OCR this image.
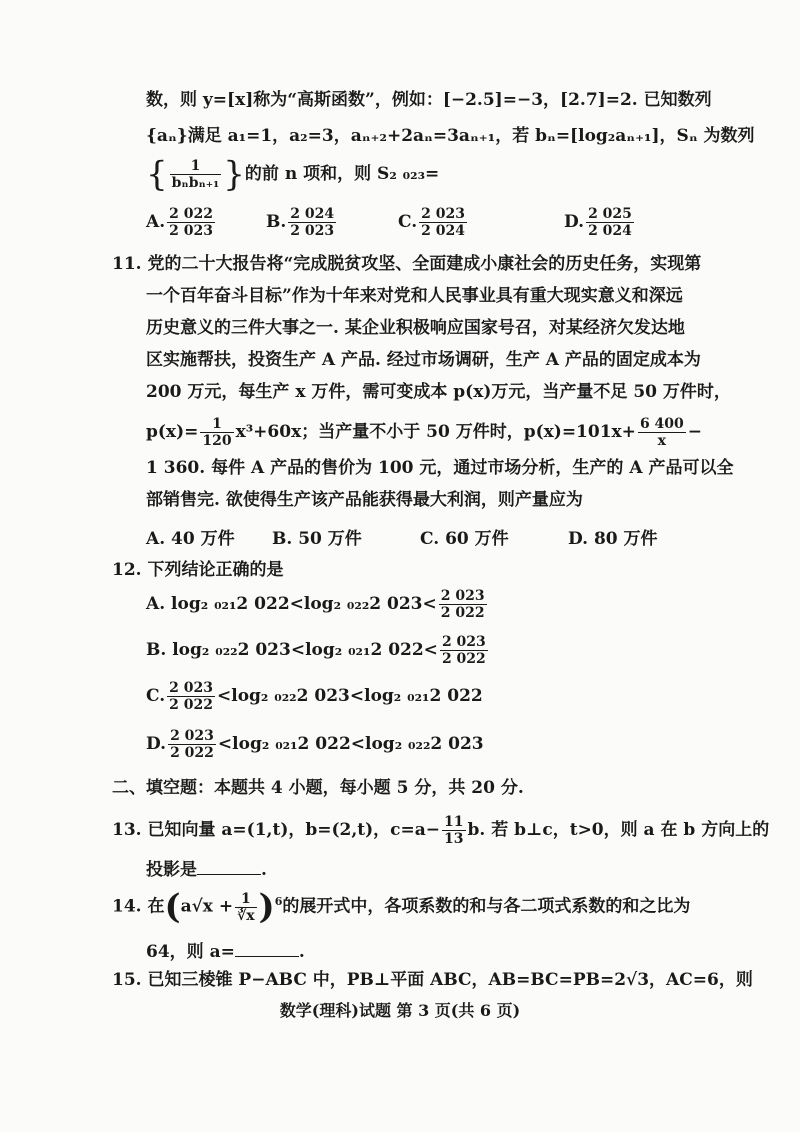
数，则 y=[x]称为“高斯函数”，例如：[−2.5]=−3，[2.7]=2. 已知数列
{aₙ}满足 a₁=1，a₂=3，aₙ₊₂+2aₙ=3aₙ₊₁，若 bₙ=[log₂aₙ₊₁]，Sₙ 为数列
{ $\frac{1}{\text{bₙbₙ₊₁}}$ }的前 n 项和，则 S₂ ₀₂₃=
A. $\frac{2 022}{2 023}$	B. $\frac{2 024}{2 023}$	C. $\frac{2 023}{2 024}$	D. $\frac{2 025}{2 024}$
11. 党的二十大报告将“完成脱贫攻坚、全面建成小康社会的历史任务，实现第
一个百年奋斗目标”作为十年来对党和人民事业具有重大现实意义和深远
历史意义的三件大事之一. 某企业积极响应国家号召，对某经济欠发达地
区实施帮扶，投资生产 A 产品. 经过市场调研，生产 A 产品的固定成本为
200 万元，每生产 x 万件，需可变成本 p(x)万元，当产量不足 50 万件时，
$p(x)= \frac{1}{120} x^3+60x$；当产量不小于 50 万件时，$p(x)=101x+ \frac{6 400}{x}$ −
1 360. 每件 A 产品的售价为 100 元，通过市场分析，生产的 A 产品可以全
部销售完. 欲使得生产该产品能获得最大利润，则产量应为
A. 40 万件 B. 50 万件	C. 60 万件	D. 80 万件
12. 下列结论正确的是
A. log₂ ₀₂₁2 022<log₂ ₀₂₂2 $023< \frac{2 023}{2 022}$
B. log₂ ₀₂₂2 023<log₂ ₀₂₁2 $022< \frac{2 023}{2 022}$
C. $\frac{2 023}{2 022} <\log_2$ ₀₂₂2 023<log₂ ₀₂₁2 022
D. $\frac{2 023}{2 022} <\log_2$ ₀₂₁2 022<log₂ ₀₂₂2 023
二、填空题：本题共 4 小题，每小题 5 分，共 20 分.
13. 已知向量 a=(1,t)，b=(2,t)，$c=a- \frac{11}{13} b$. 若 b⊥c，t>0，则 a 在 b 方向上的
投影是	.
14. 在$(a√x + \frac{1}{∛x} )^6$的展开式中，各项系数的和与各二项式系数的和之比为
64，则 a=	.
15. 已知三棱锥 P−ABC 中，PB⊥平面 ABC，AB=BC=PB=2√3，AC=6，则
数学(理科)试题 第 3 页(共 6 页)
